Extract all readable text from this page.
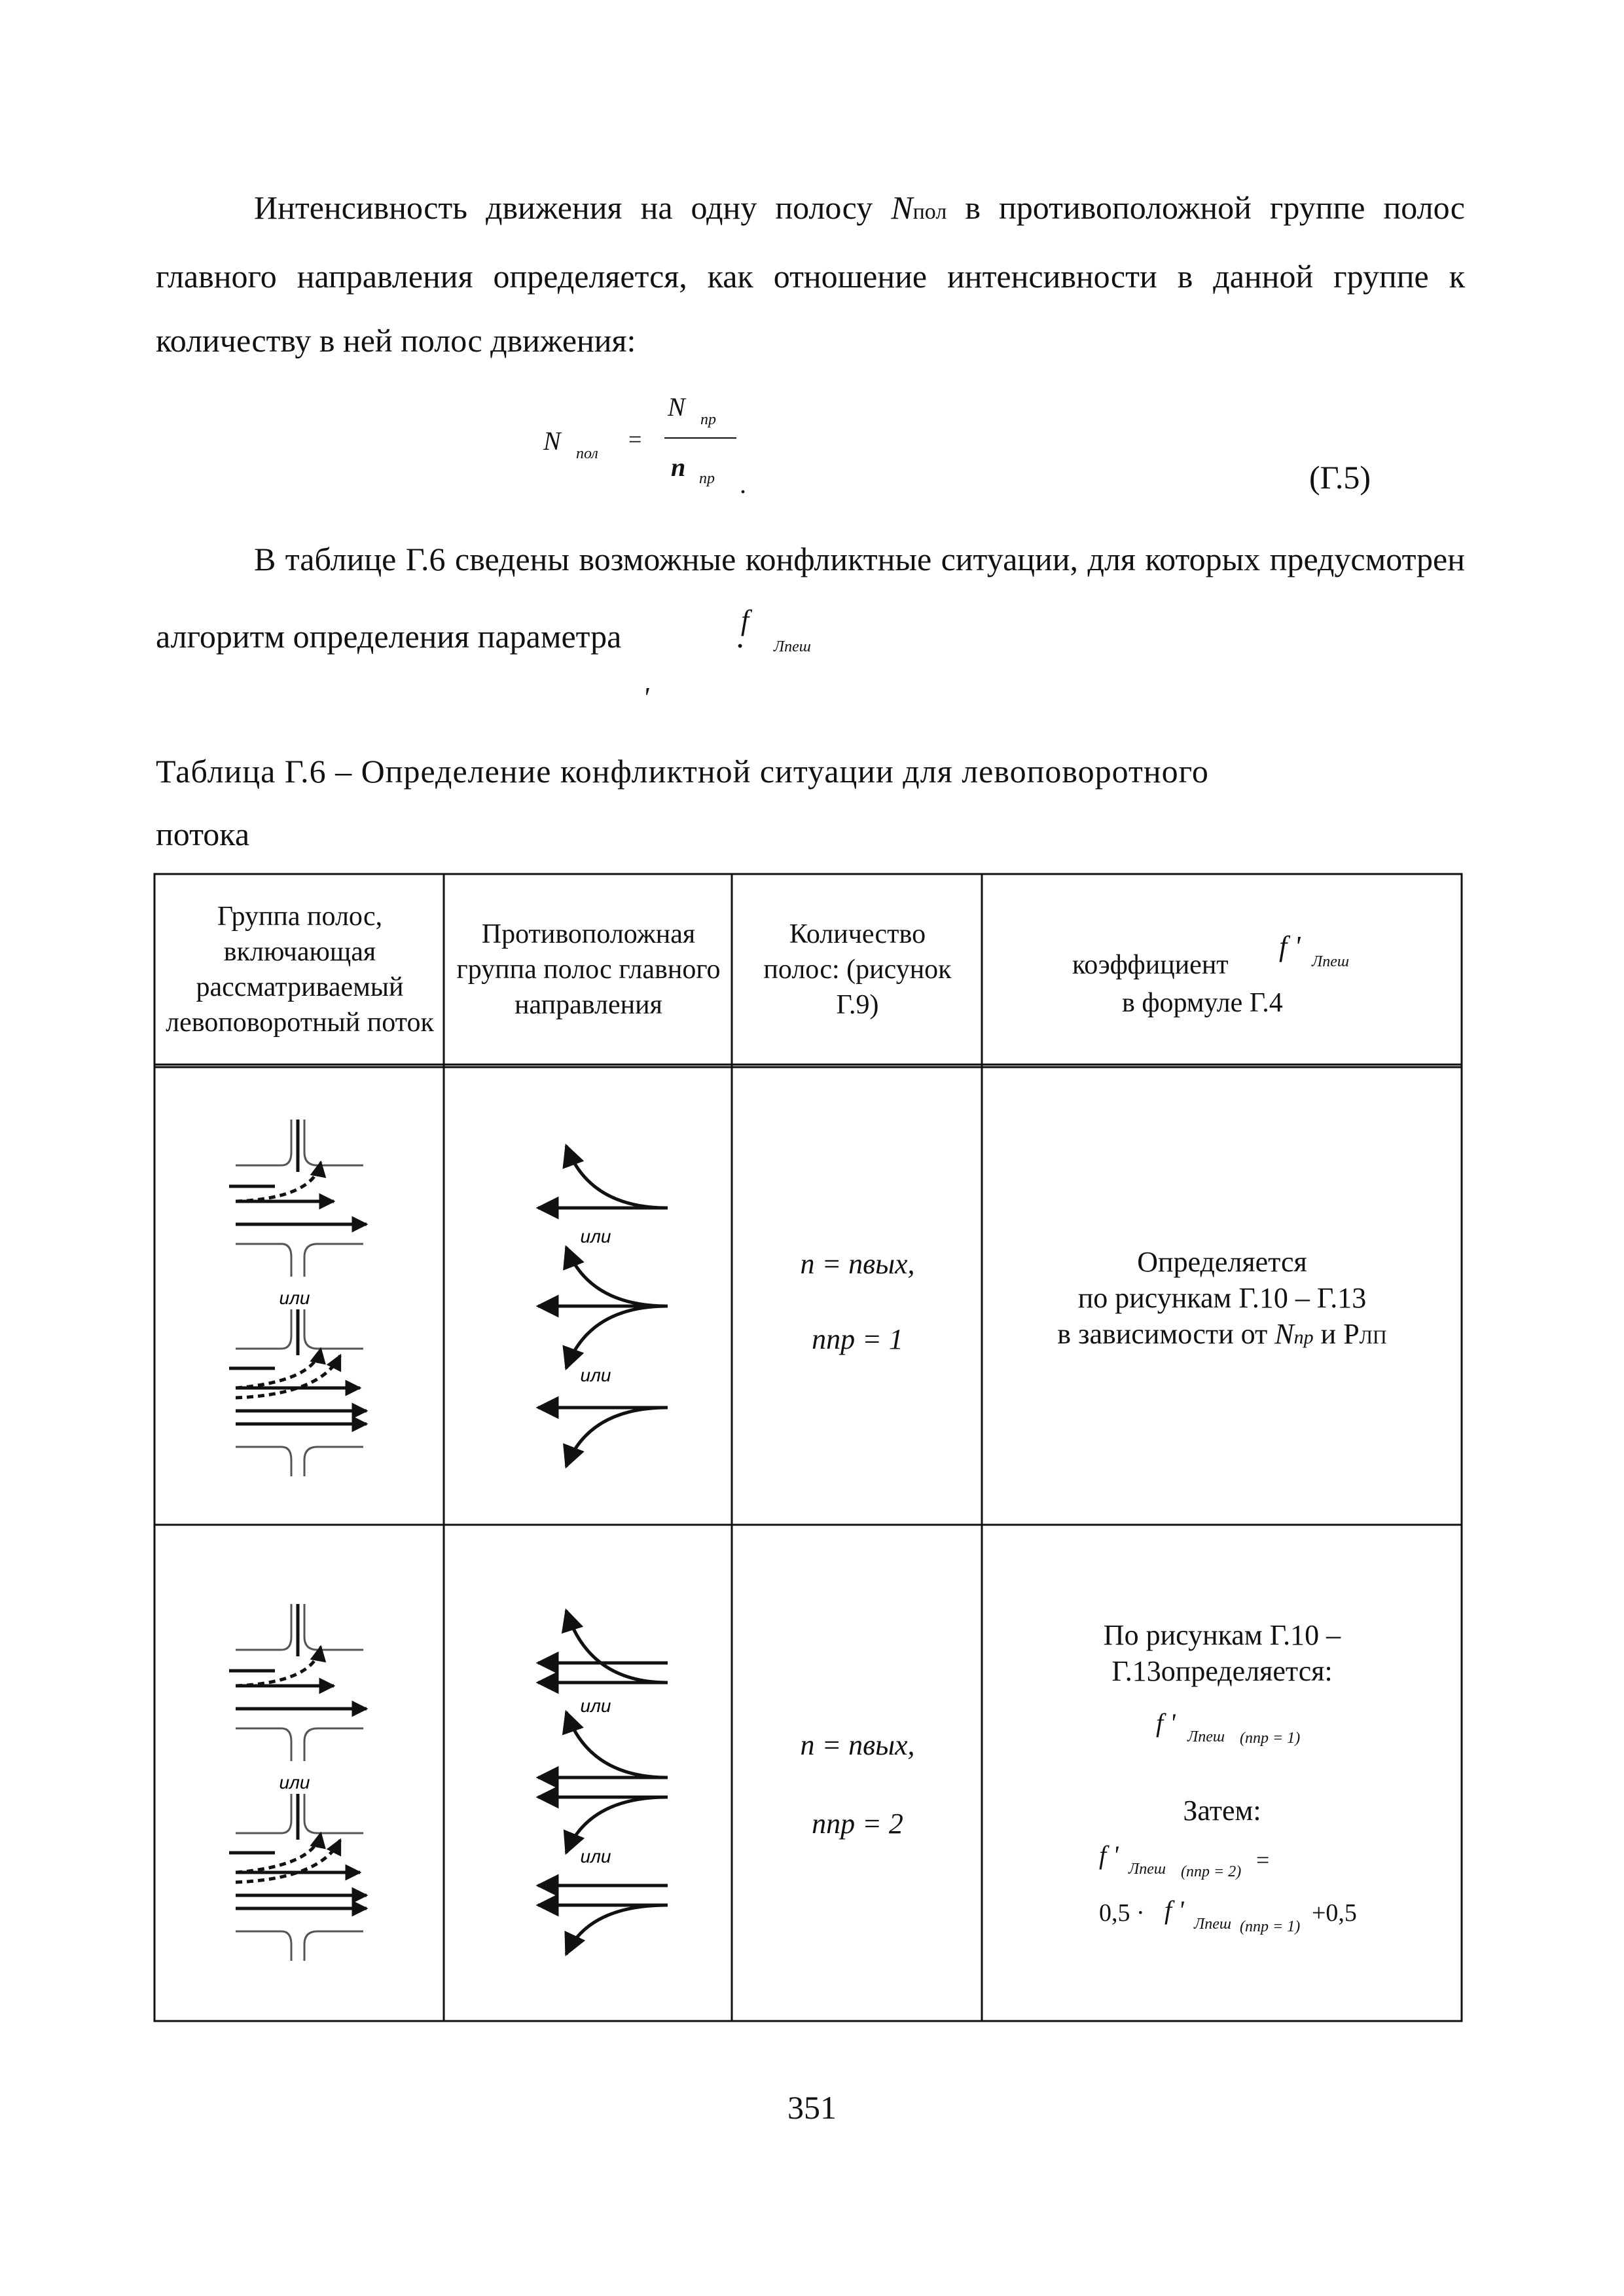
Интенсивность движения на одну полосу Nпол в противоположной группе полос главного направления определяется, как отношение интенсивности в данной группе к количеству в ней полос движения:
N пол
=
N пр
n пр .	(Г.5)
В таблице Г.6 сведены возможные конфликтные ситуации, для которых предусмотрен алгоритм определения параметра	f '
Лпеш
.
Таблица Г.6 – Определение конфликтной ситуации для левоповоротного
потока
Группа полос, включающая рассматриваемый левоповоротный поток
Противоположная группа полос главного направления
Количество полос: (рисунок Г.9)
коэффициент
f ' Лпеш
в формуле Г.4
или
или
или
n = nвых,
nпр = 1
Определяется
по рисункам Г.10 – Г.13
в зависимости от Nпр и РЛП
или
или
или
n = nвых,
nпр = 2
По рисункам Г.10 –
Г.13определяется:
f ' Лпеш (nпр = 1)
Затем:
f ' Лпеш (nпр = 2) =
0,5 · f ' Лпеш (nпр = 1) +0,5
351
